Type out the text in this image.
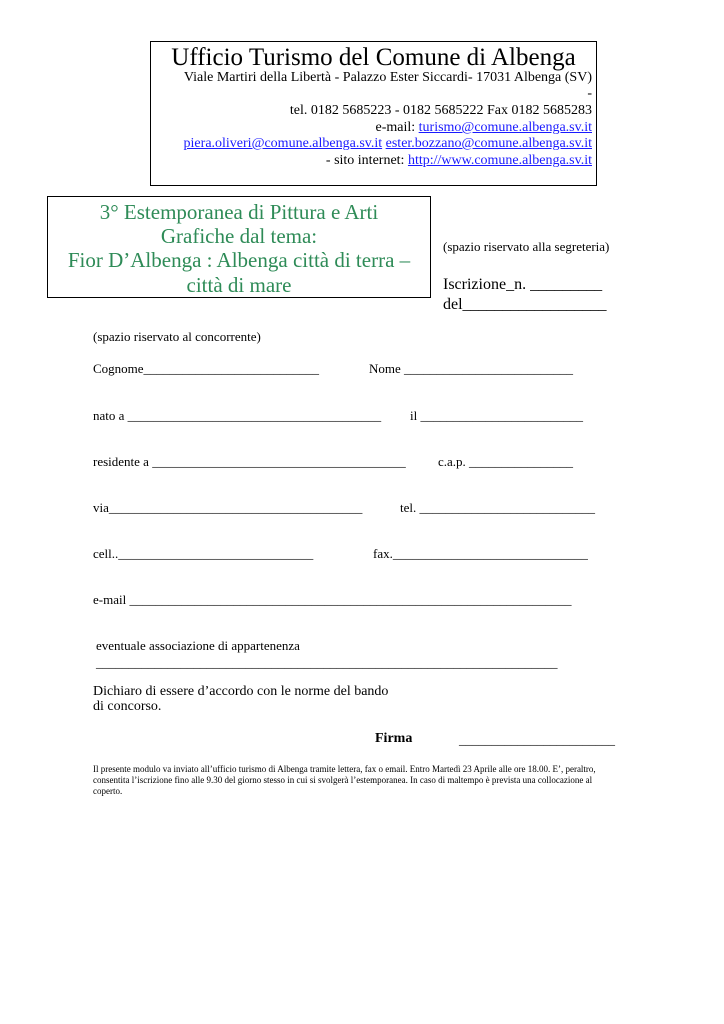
Ufficio Turismo del Comune di Albenga
Viale Martiri della Libertà - Palazzo Ester Siccardi- 17031 Albenga (SV)
-
tel. 0182 5685223 - 0182 5685222 Fax 0182 5685283
e-mail: turismo@comune.albenga.sv.it
piera.oliveri@comune.albenga.sv.it ester.bozzano@comune.albenga.sv.it
- sito internet: http://www.comune.albenga.sv.it
3° Estemporanea di Pittura e Arti
Grafiche dal tema:
Fior D’Albenga : Albenga città di terra –
città di mare
(spazio riservato alla segreteria)
Iscrizione_n. _________
del__________________
(spazio riservato al concorrente)
Cognome___________________________	Nome __________________________
nato a _______________________________________ il _________________________
residente a _______________________________________ c.a.p. ________________
via_______________________________________	tel. ___________________________
cell..______________________________	fax.______________________________
e-mail ____________________________________________________________________
eventuale associazione di appartenenza
_______________________________________________________________________
Dichiaro di essere d’accordo con le norme del bando
di concorso.
Firma	________________________
Il presente modulo va inviato all’ufficio turismo di Albenga tramite lettera, fax o email. Entro Martedì 23 Aprile alle ore 18.00. E’, peraltro,
consentita l’iscrizione fino alle 9.30 del giorno stesso in cui si svolgerà l’estemporanea. In caso di maltempo è prevista una collocazione al
coperto.
